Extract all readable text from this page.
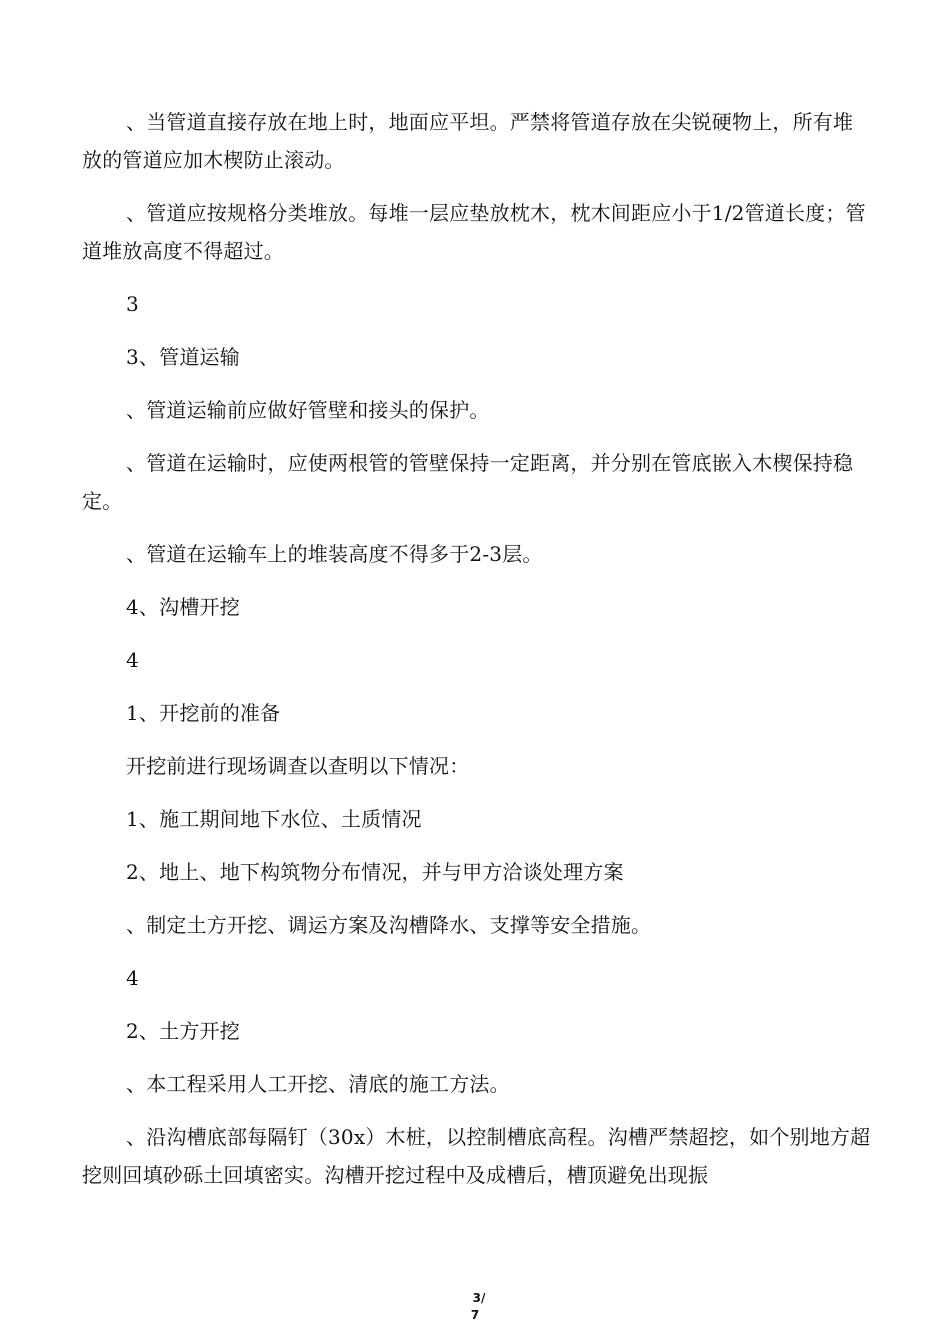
、当管道直接存放在地上时，地面应平坦。严禁将管道存放在尖锐硬物上，所有堆放的管道应加木楔防止滚动。

、管道应按规格分类堆放。每堆一层应垫放枕木，枕木间距应小于1/2管道长度；管道堆放高度不得超过。

3

3、管道运输

、管道运输前应做好管壁和接头的保护。

、管道在运输时，应使两根管的管壁保持一定距离，并分别在管底嵌入木楔保持稳定。

、管道在运输车上的堆装高度不得多于2-3层。

4、沟槽开挖

4

1、开挖前的准备

开挖前进行现场调查以查明以下情况：

1、施工期间地下水位、土质情况

2、地上、地下构筑物分布情况，并与甲方洽谈处理方案

、制定土方开挖、调运方案及沟槽降水、支撑等安全措施。

4

2、土方开挖

、本工程采用人工开挖、清底的施工方法。

、沿沟槽底部每隔钉（30x）木桩，以控制槽底高程。沟槽严禁超挖，如个别地方超挖则回填砂砾土回填密实。沟槽开挖过程中及成槽后，槽顶避免出现振

3/
7
